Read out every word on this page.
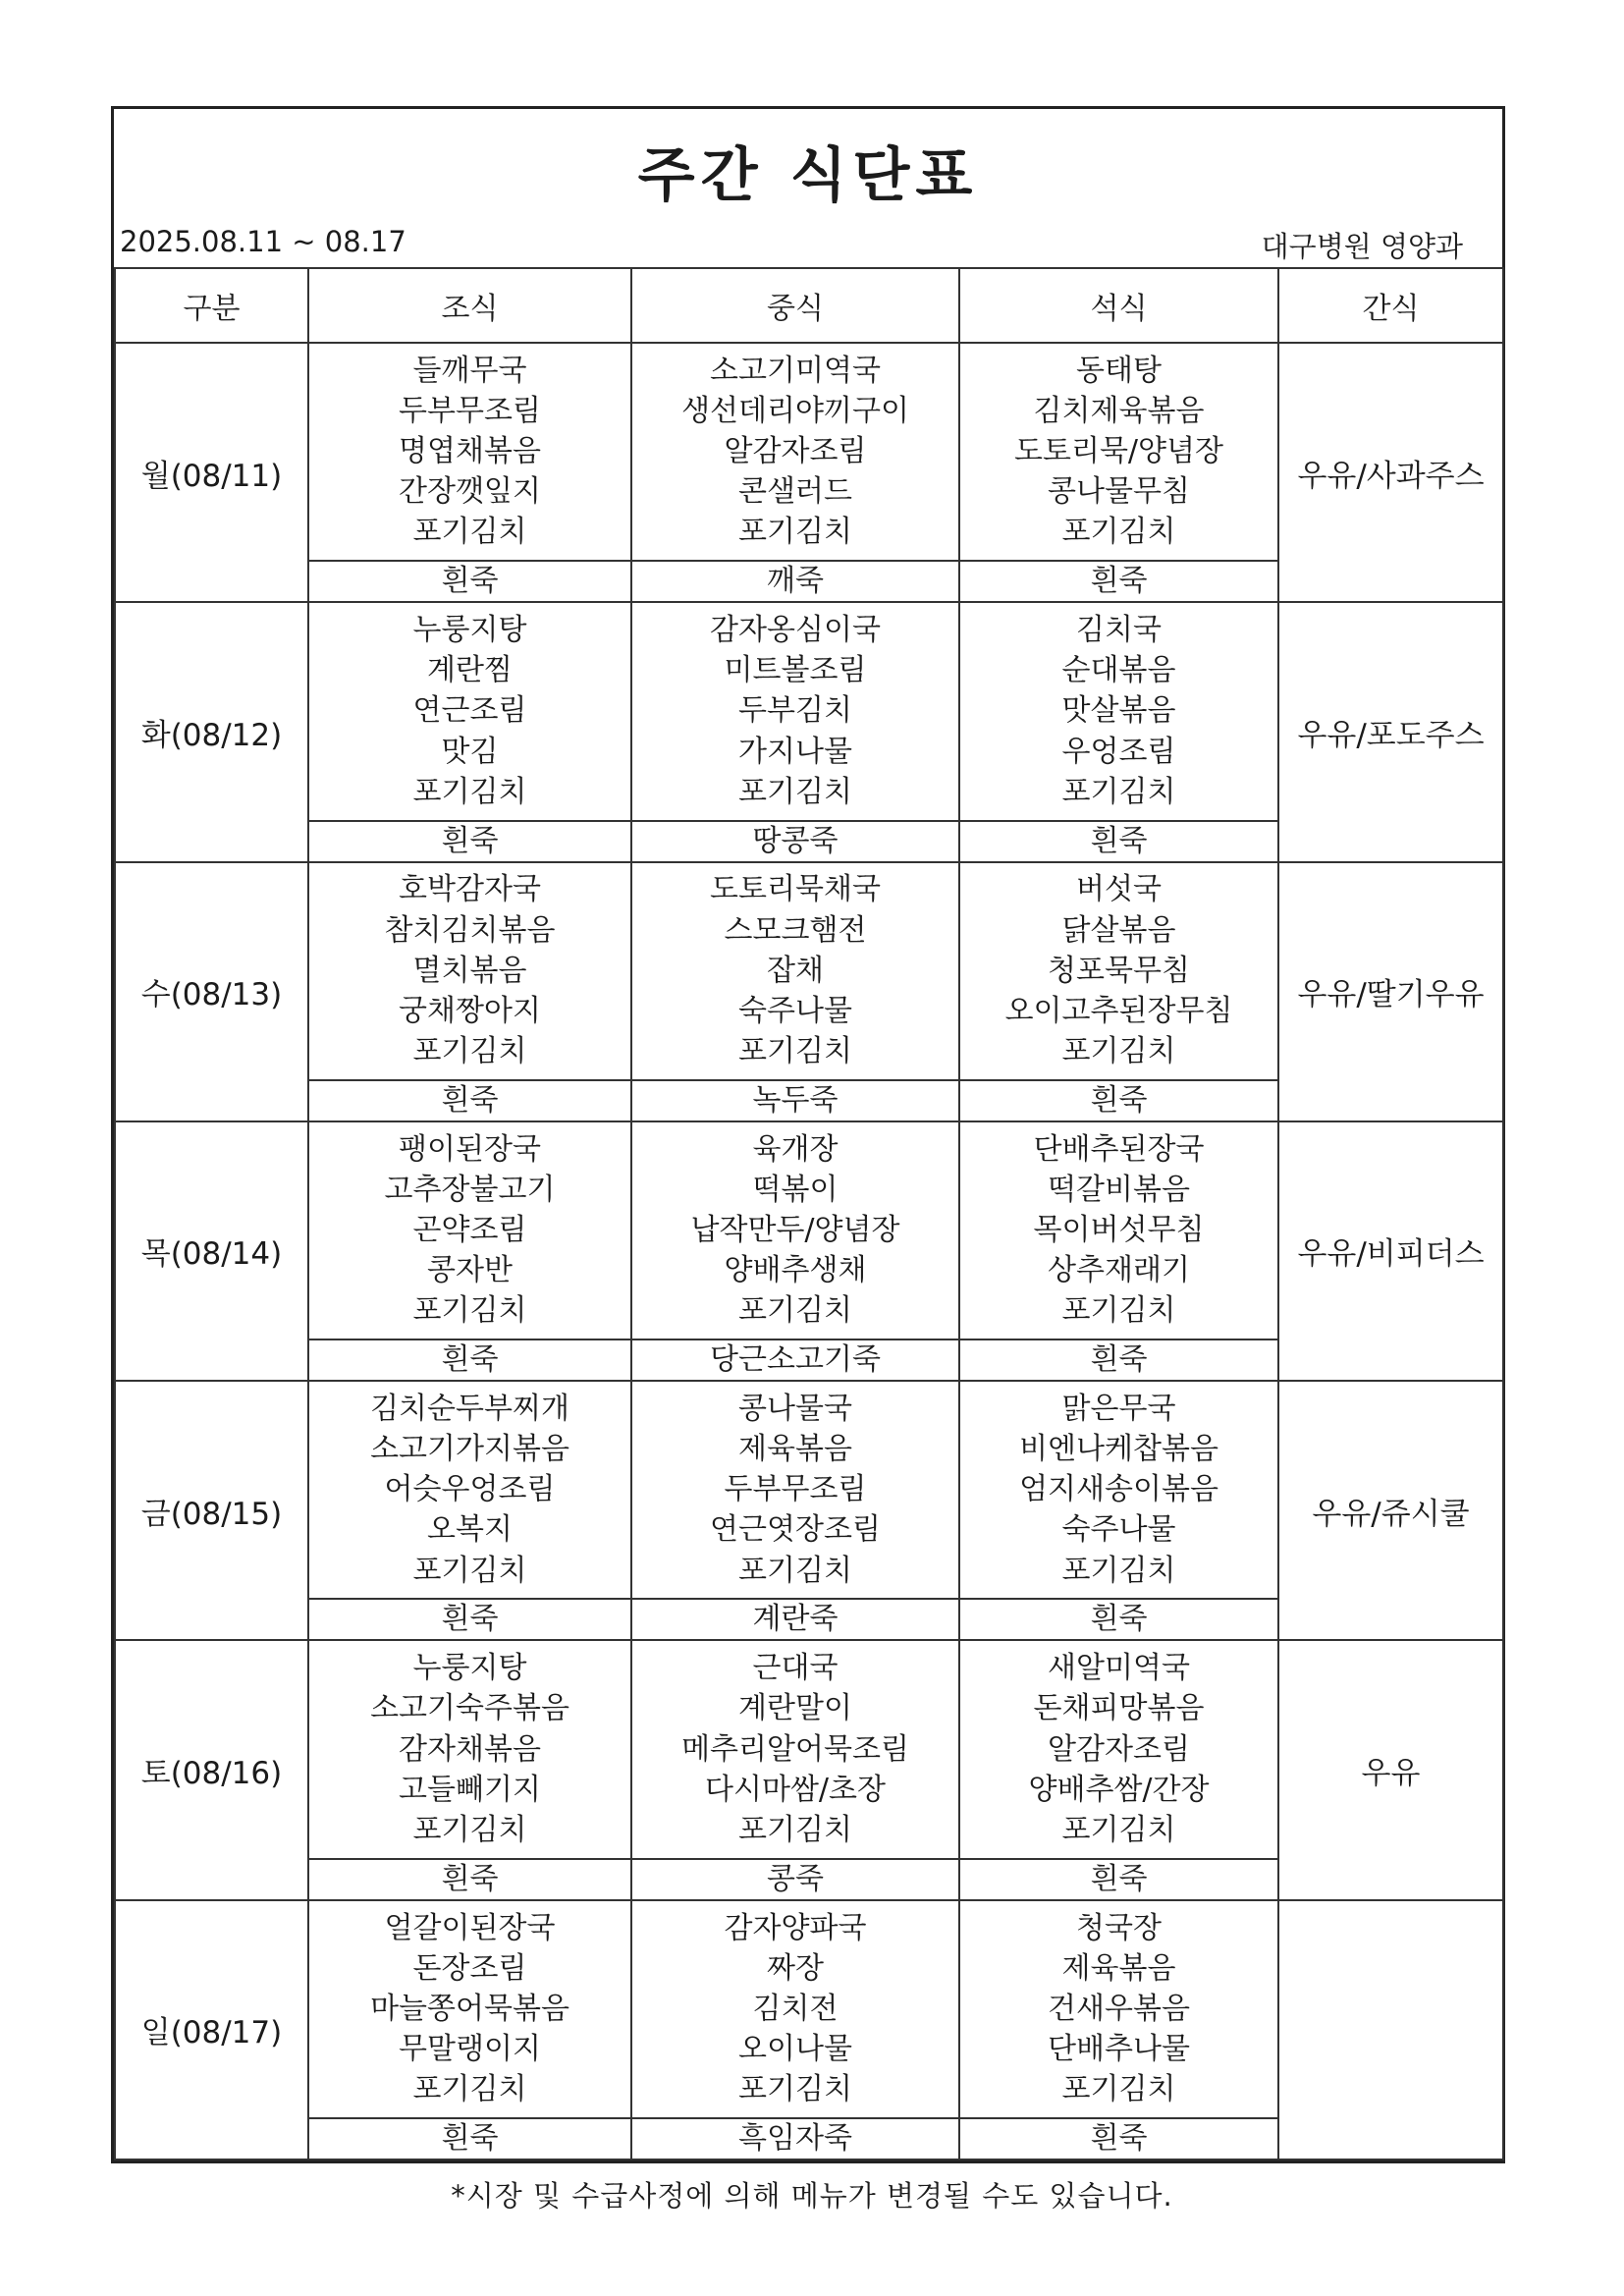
주간 식단표
2025.08.11 ~ 08.17	대구병원 영양과
구분	조식	중식	석식	간식
월(08/11)	들깨무국
두부무조림
명엽채볶음
간장깻잎지
포기김치	소고기미역국
생선데리야끼구이
알감자조림
콘샐러드
포기김치	동태탕
김치제육볶음
도토리묵/양념장
콩나물무침
포기김치	우유/사과주스
	흰죽	깨죽	흰죽	
화(08/12)	누룽지탕
계란찜
연근조림
맛김
포기김치	감자옹심이국
미트볼조림
두부김치
가지나물
포기김치	김치국
순대볶음
맛살볶음
우엉조림
포기김치	우유/포도주스
	흰죽	땅콩죽	흰죽	
수(08/13)	호박감자국
참치김치볶음
멸치볶음
궁채짱아지
포기김치	도토리묵채국
스모크햄전
잡채
숙주나물
포기김치	버섯국
닭살볶음
청포묵무침
오이고추된장무침
포기김치	우유/딸기우유
	흰죽	녹두죽	흰죽	
목(08/14)	팽이된장국
고추장불고기
곤약조림
콩자반
포기김치	육개장
떡볶이
납작만두/양념장
양배추생채
포기김치	단배추된장국
떡갈비볶음
목이버섯무침
상추재래기
포기김치	우유/비피더스
	흰죽	당근소고기죽	흰죽	
금(08/15)	김치순두부찌개
소고기가지볶음
어슷우엉조림
오복지
포기김치	콩나물국
제육볶음
두부무조림
연근엿장조림
포기김치	맑은무국
비엔나케찹볶음
엄지새송이볶음
숙주나물
포기김치	우유/쥬시쿨
	흰죽	계란죽	흰죽	
토(08/16)	누룽지탕
소고기숙주볶음
감자채볶음
고들빼기지
포기김치	근대국
계란말이
메추리알어묵조림
다시마쌈/초장
포기김치	새알미역국
돈채피망볶음
알감자조림
양배추쌈/간장
포기김치	우유
	흰죽	콩죽	흰죽	
일(08/17)	얼갈이된장국
돈장조림
마늘쫑어묵볶음
무말랭이지
포기김치	감자양파국
짜장
김치전
오이나물
포기김치	청국장
제육볶음
건새우볶음
단배추나물
포기김치	

	흰죽	흑임자죽	흰죽	
*시장 및 수급사정에 의해 메뉴가 변경될 수도 있습니다.
